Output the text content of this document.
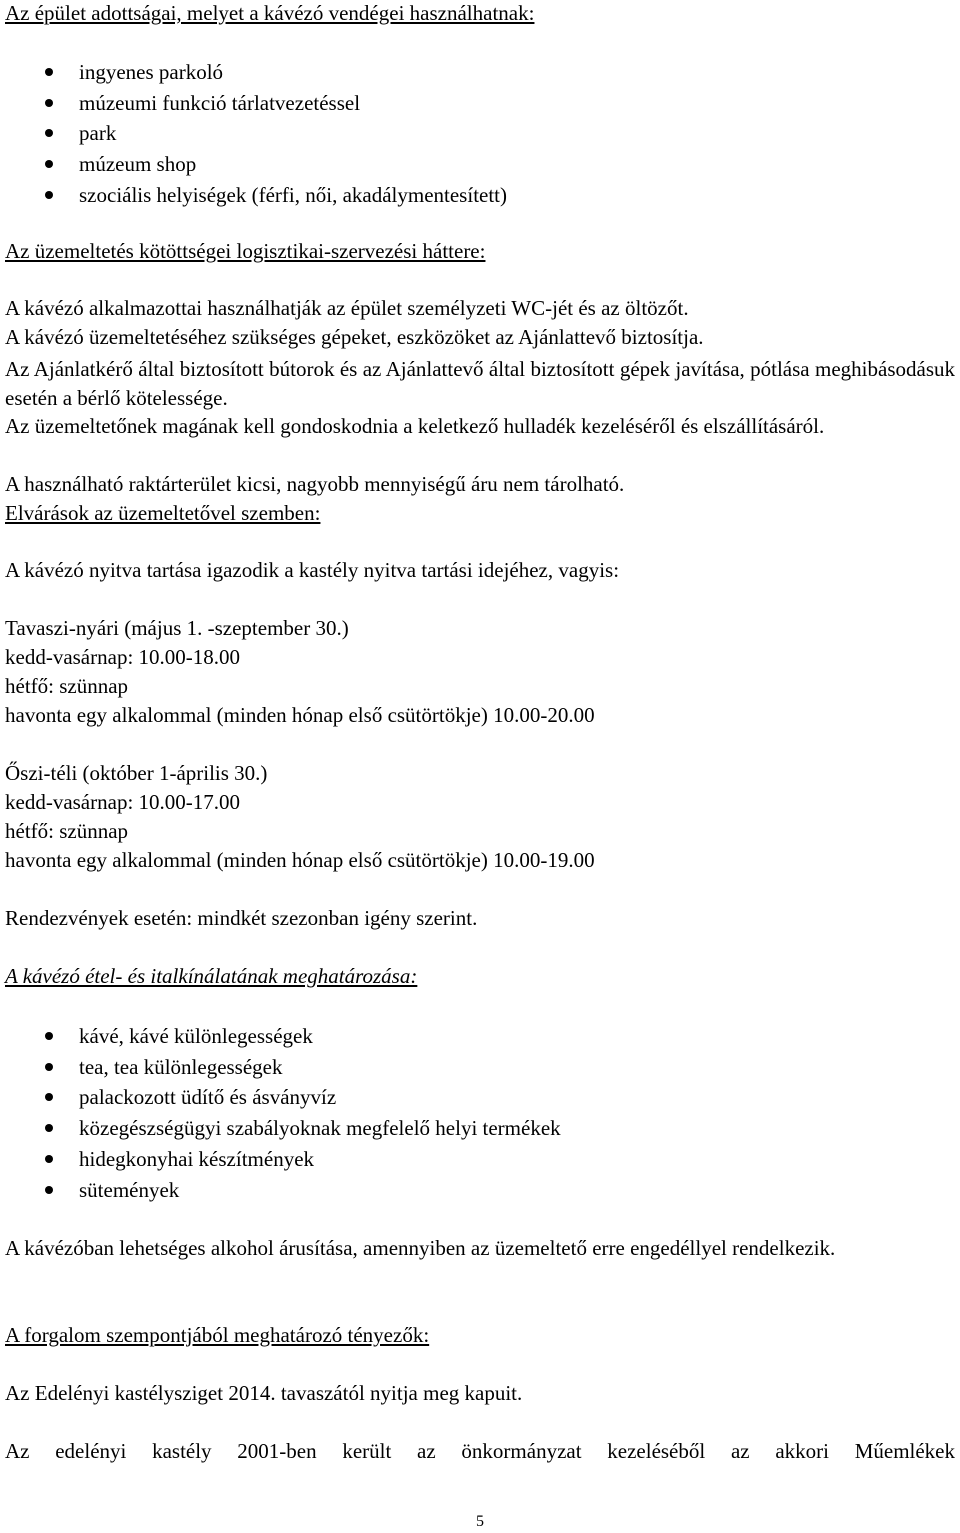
Az épület adottságai, melyet a kávézó vendégei használhatnak:
ingyenes parkoló
múzeumi funkció tárlatvezetéssel
park
múzeum shop
szociális helyiségek (férfi, női, akadálymentesített)
Az üzemeltetés kötöttségei logisztikai-szervezési háttere:
A kávézó alkalmazottai használhatják az épület személyzeti WC-jét és az öltözőt.
A kávézó üzemeltetéséhez szükséges gépeket, eszközöket az Ajánlattevő biztosítja.
Az Ajánlatkérő által biztosított bútorok és az Ajánlattevő által biztosított gépek javítása, pótlása meghibásodásuk esetén a bérlő kötelessége.
Az üzemeltetőnek magának kell gondoskodnia a keletkező hulladék kezeléséről és elszállításáról.
A használható raktárterület kicsi, nagyobb mennyiségű áru nem tárolható.
Elvárások az üzemeltetővel szemben:
A kávézó nyitva tartása igazodik a kastély nyitva tartási idejéhez, vagyis:
Tavaszi-nyári (május 1. -szeptember 30.)
kedd-vasárnap: 10.00-18.00
hétfő: szünnap
havonta egy alkalommal (minden hónap első csütörtökje) 10.00-20.00
Őszi-téli (október 1-április 30.)
kedd-vasárnap: 10.00-17.00
hétfő: szünnap
havonta egy alkalommal (minden hónap első csütörtökje) 10.00-19.00
Rendezvények esetén: mindkét szezonban igény szerint.
A kávézó étel- és italkínálatának meghatározása:
kávé, kávé különlegességek
tea, tea különlegességek
palackozott üdítő és ásványvíz
közegészségügyi szabályoknak megfelelő helyi termékek
hidegkonyhai készítmények
sütemények
A kávézóban lehetséges alkohol árusítása, amennyiben az üzemeltető erre engedéllyel rendelkezik.
A forgalom szempontjából meghatározó tényezők:
Az Edelényi kastélysziget 2014. tavaszától nyitja meg kapuit.
Az edelényi kastély 2001-ben került az önkormányzat kezeléséből az akkori Műemlékek
5
